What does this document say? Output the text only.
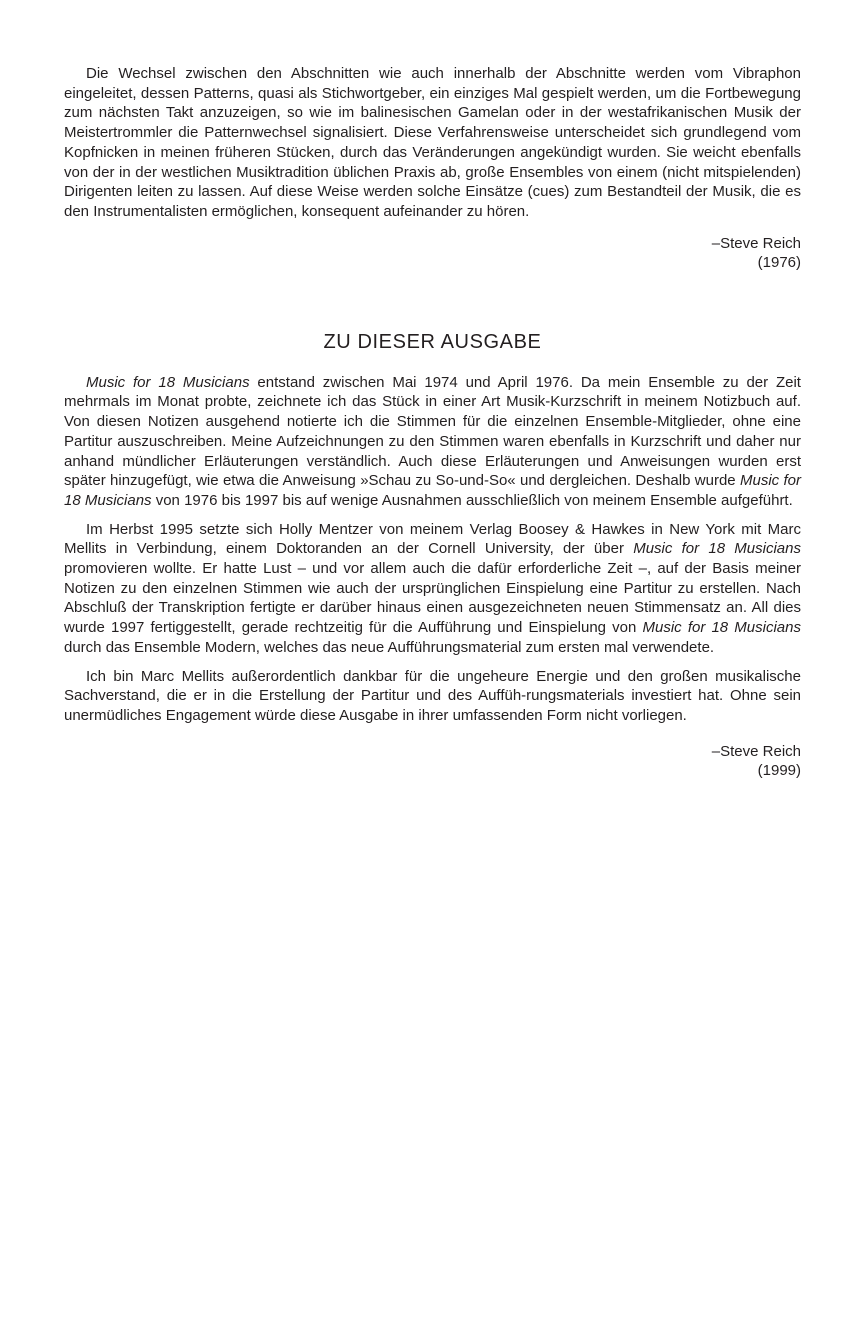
Die Wechsel zwischen den Abschnitten wie auch innerhalb der Abschnitte werden vom Vibraphon eingeleitet, dessen Patterns, quasi als Stichwortgeber, ein einziges Mal gespielt werden, um die Fortbewegung zum nächsten Takt anzuzeigen, so wie im balinesischen Gamelan oder in der westafrikanischen Musik der Meistertrommler die Patternwechsel signalisiert. Diese Verfahrensweise unterscheidet sich grundlegend vom Kopfnicken in meinen früheren Stücken, durch das Veränderungen angekündigt wurden. Sie weicht ebenfalls von der in der westlichen Musiktradition üblichen Praxis ab, große Ensembles von einem (nicht mitspielenden) Dirigenten leiten zu lassen. Auf diese Weise werden solche Einsätze (cues) zum Bestandteil der Musik, die es den Instrumentalisten ermöglichen, konsequent aufeinander zu hören.

–Steve Reich
(1976)
ZU DIESER AUSGABE

Music for 18 Musicians entstand zwischen Mai 1974 und April 1976. Da mein Ensemble zu der Zeit mehrmals im Monat probte, zeichnete ich das Stück in einer Art Musik-Kurzschrift in meinem Notizbuch auf. Von diesen Notizen ausgehend notierte ich die Stimmen für die einzelnen Ensemble-Mitglieder, ohne eine Partitur auszuschreiben. Meine Aufzeichnungen zu den Stimmen waren ebenfalls in Kurzschrift und daher nur anhand mündlicher Erläuterungen verständlich. Auch diese Erläuterungen und Anweisungen wurden erst später hinzugefügt, wie etwa die Anweisung »Schau zu So-und-So« und dergleichen. Deshalb wurde Music for 18 Musicians von 1976 bis 1997 bis auf wenige Ausnahmen ausschließlich von meinem Ensemble aufgeführt.

Im Herbst 1995 setzte sich Holly Mentzer von meinem Verlag Boosey & Hawkes in New York mit Marc Mellits in Verbindung, einem Doktoranden an der Cornell University, der über Music for 18 Musicians promovieren wollte. Er hatte Lust – und vor allem auch die dafür erforderliche Zeit –, auf der Basis meiner Notizen zu den einzelnen Stimmen wie auch der ursprünglichen Einspielung eine Partitur zu erstellen. Nach Abschluß der Transkription fertigte er darüber hinaus einen ausgezeichneten neuen Stimmensatz an. All dies wurde 1997 fertiggestellt, gerade rechtzeitig für die Aufführung und Einspielung von Music for 18 Musicians durch das Ensemble Modern, welches das neue Aufführungsmaterial zum ersten mal verwendete.

Ich bin Marc Mellits außerordentlich dankbar für die ungeheure Energie und den großen musikalische Sachverstand, die er in die Erstellung der Partitur und des Auffüh-rungsmaterials investiert hat. Ohne sein unermüdliches Engagement würde diese Ausgabe in ihrer umfassenden Form nicht vorliegen.

–Steve Reich
(1999)
